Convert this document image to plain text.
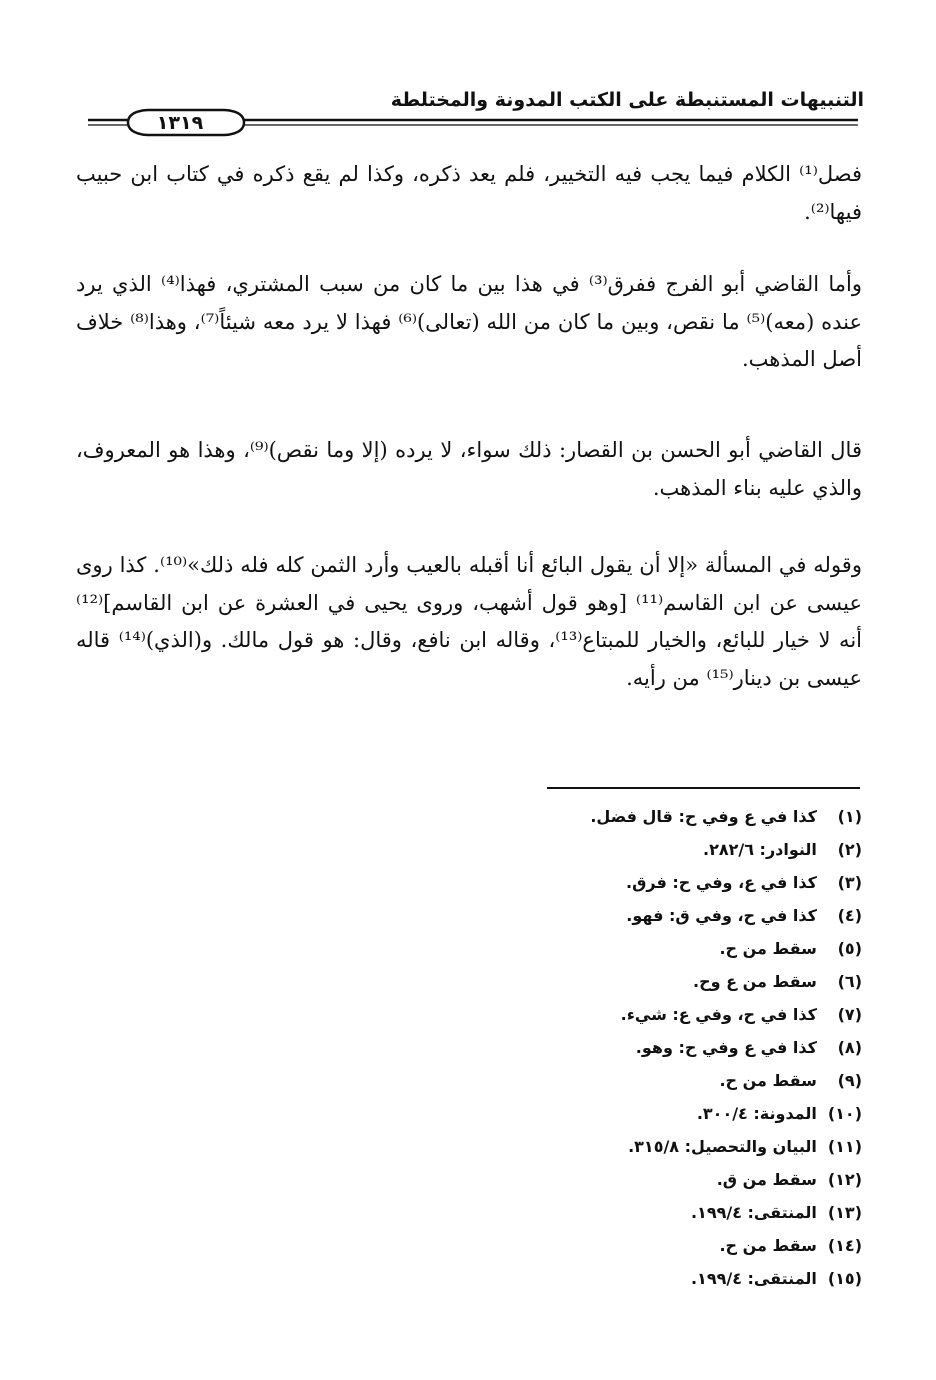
التنبيهات المستنبطة على الكتب المدونة والمختلطة
١٣١٩

فصل⁽¹⁾ الكلام فيما يجب فيه التخيير، فلم يعد ذكره، وكذا لم يقع ذكره في كتاب ابن حبيب فيها⁽²⁾.

وأما القاضي أبو الفرج ففرق⁽³⁾ في هذا بين ما كان من سبب المشتري، فهذا⁽⁴⁾ الذي يرد عنده (معه)⁽⁵⁾ ما نقص، وبين ما كان من الله (تعالى)⁽⁶⁾ فهذا لا يرد معه شيئاً⁽⁷⁾، وهذا⁽⁸⁾ خلاف أصل المذهب.

قال القاضي أبو الحسن بن القصار: ذلك سواء، لا يرده (إلا وما نقص)⁽⁹⁾، وهذا هو المعروف، والذي عليه بناء المذهب.

وقوله في المسألة «إلا أن يقول البائع أنا أقبله بالعيب وأرد الثمن كله فله ذلك»⁽¹⁰⁾. كذا روى عيسى عن ابن القاسم⁽¹¹⁾ [وهو قول أشهب، وروى يحيى في العشرة عن ابن القاسم]⁽¹²⁾ أنه لا خيار للبائع، والخيار للمبتاع⁽¹³⁾، وقاله ابن نافع، وقال: هو قول مالك. و(الذي)⁽¹⁴⁾ قاله عيسى بن دينار⁽¹⁵⁾ من رأيه.

(١) كذا في ع وفي ح: قال فضل.
(٢) النوادر: ٢٨٢/٦.
(٣) كذا في ع، وفي ح: فرق.
(٤) كذا في ح، وفي ق: فهو.
(٥) سقط من ح.
(٦) سقط من ع وح.
(٧) كذا في ح، وفي ع: شيء.
(٨) كذا في ع وفي ح: وهو.
(٩) سقط من ح.
(١٠) المدونة: ٣٠٠/٤.
(١١) البيان والتحصيل: ٣١٥/٨.
(١٢) سقط من ق.
(١٣) المنتقى: ١٩٩/٤.
(١٤) سقط من ح.
(١٥) المنتقى: ١٩٩/٤.
